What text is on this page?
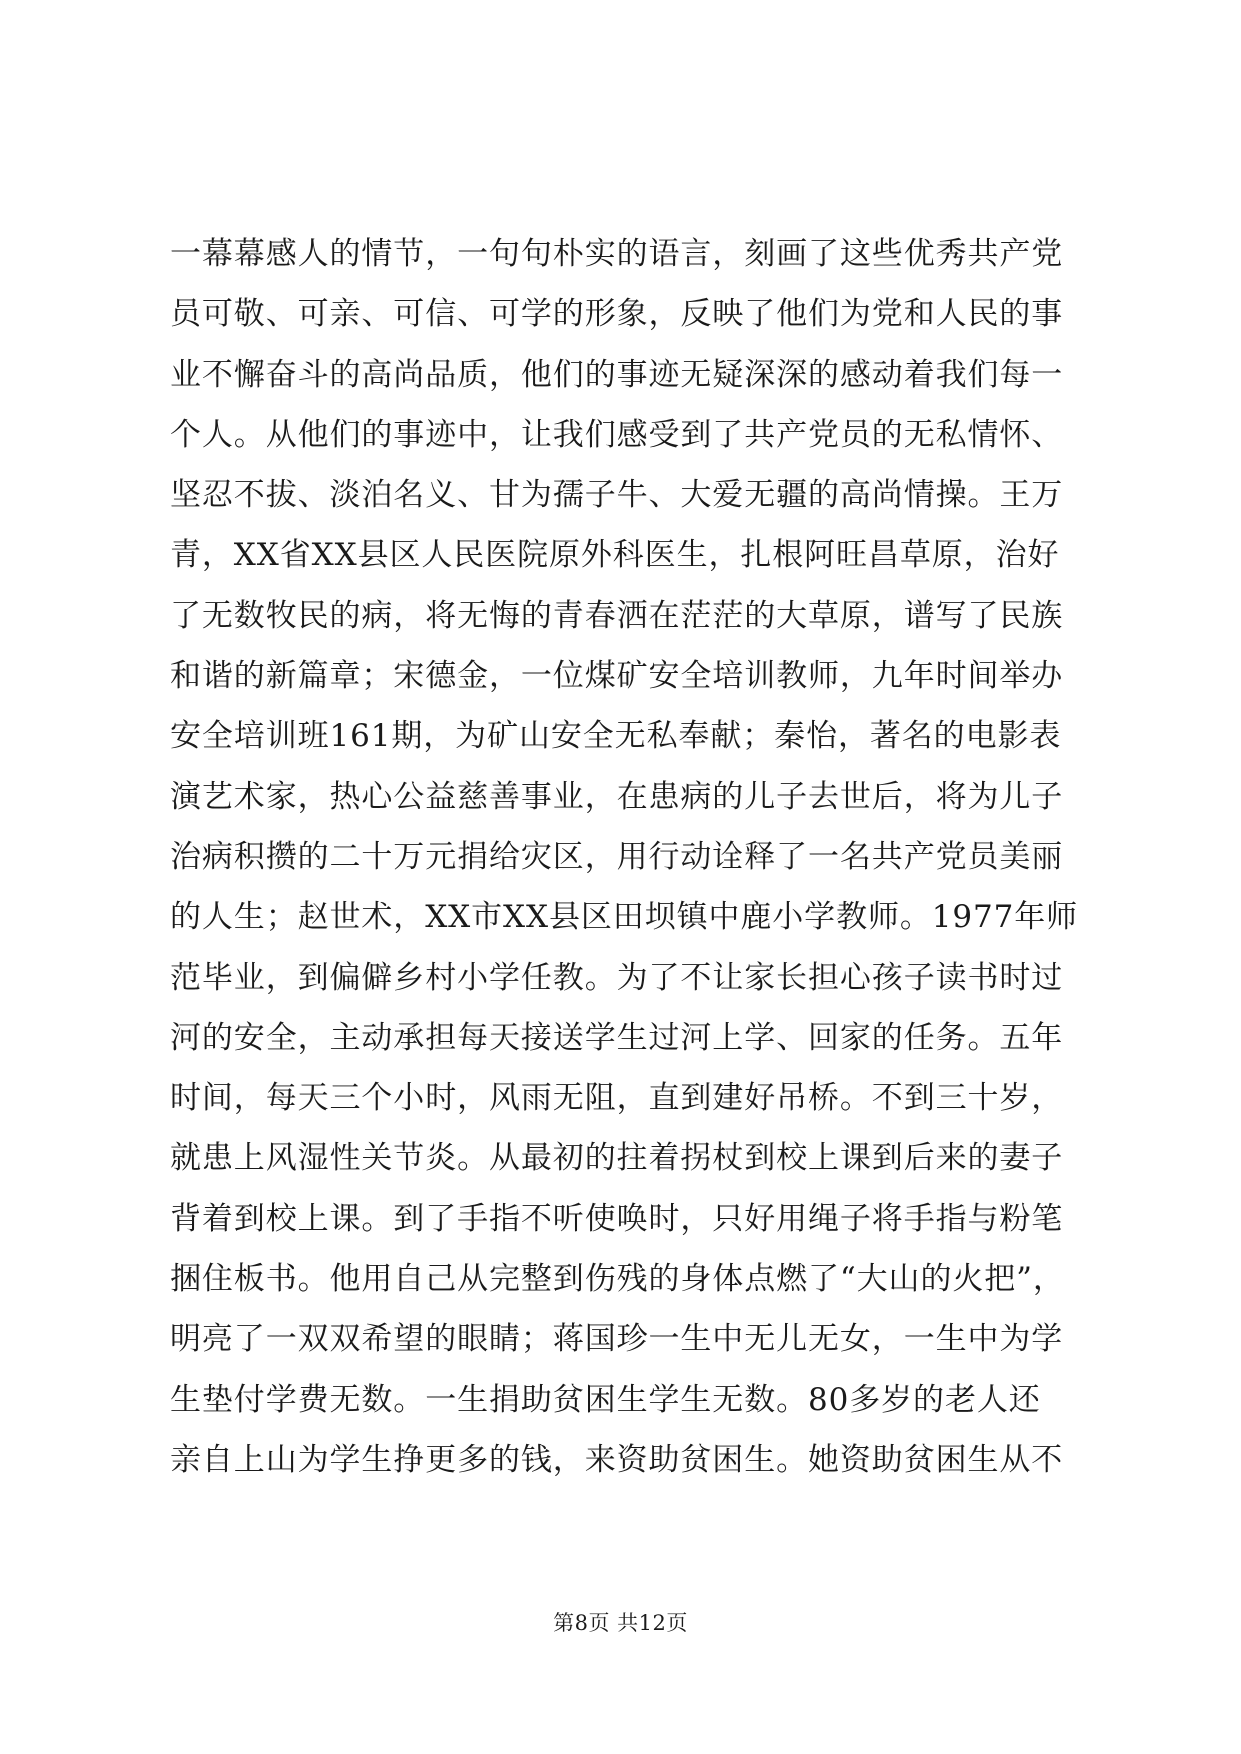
一幕幕感人的情节，一句句朴实的语言，刻画了这些优秀共产党
员可敬、可亲、可信、可学的形象，反映了他们为党和人民的事
业不懈奋斗的高尚品质，他们的事迹无疑深深的感动着我们每一
个人。从他们的事迹中，让我们感受到了共产党员的无私情怀、
坚忍不拔、淡泊名义、甘为孺子牛、大爱无疆的高尚情操。王万
青，XX省XX县区人民医院原外科医生，扎根阿旺昌草原，治好
了无数牧民的病，将无悔的青春洒在茫茫的大草原，谱写了民族
和谐的新篇章；宋德金，一位煤矿安全培训教师，九年时间举办
安全培训班161期，为矿山安全无私奉献；秦怡，著名的电影表
演艺术家，热心公益慈善事业，在患病的儿子去世后，将为儿子
治病积攒的二十万元捐给灾区，用行动诠释了一名共产党员美丽
的人生；赵世术，XX市XX县区田坝镇中鹿小学教师。1977年师
范毕业，到偏僻乡村小学任教。为了不让家长担心孩子读书时过
河的安全，主动承担每天接送学生过河上学、回家的任务。五年
时间，每天三个小时，风雨无阻，直到建好吊桥。不到三十岁，
就患上风湿性关节炎。从最初的拄着拐杖到校上课到后来的妻子
背着到校上课。到了手指不听使唤时，只好用绳子将手指与粉笔
捆住板书。他用自己从完整到伤残的身体点燃了“大山的火把”，
明亮了一双双希望的眼睛；蒋国珍一生中无儿无女，一生中为学
生垫付学费无数。一生捐助贫困生学生无数。80多岁的老人还
亲自上山为学生挣更多的钱，来资助贫困生。她资助贫困生从不
第8页 共12页
